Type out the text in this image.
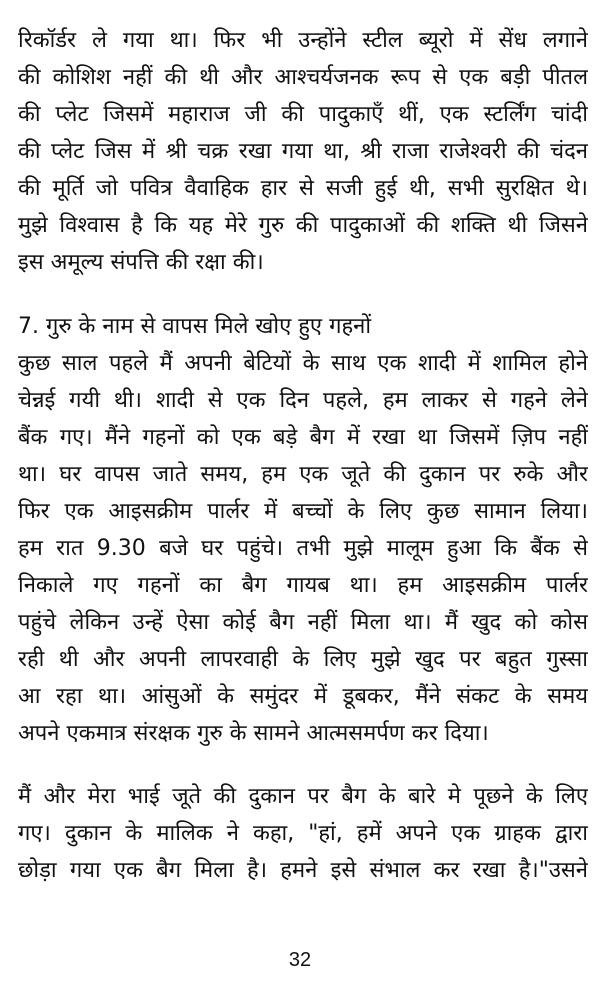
रिकॉर्डर ले गया था। फिर भी उन्होंने स्टील ब्यूरो में सेंध लगाने
की कोशिश नहीं की थी और आश्चर्यजनक रूप से एक बड़ी पीतल
की प्लेट जिसमें महाराज जी की पादुकाएँ थीं, एक स्टर्लिंग चांदी
की प्लेट जिस में श्री चक्र रखा गया था, श्री राजा राजेश्वरी की चंदन
की मूर्ति जो पवित्र वैवाहिक हार से सजी हुई थी, सभी सुरक्षित थे।
मुझे विश्वास है कि यह मेरे गुरु की पादुकाओं की शक्ति थी जिसने
इस अमूल्य संपत्ति की रक्षा की।
7. गुरु के नाम से वापस मिले खोए हुए गहनों
कुछ साल पहले मैं अपनी बेटियों के साथ एक शादी में शामिल होने
चेन्नई गयी थी। शादी से एक दिन पहले, हम लाकर से गहने लेने
बैंक गए। मैंने गहनों को एक बड़े बैग में रखा था जिसमें ज़िप नहीं
था। घर वापस जाते समय, हम एक जूते की दुकान पर रुके और
फिर एक आइसक्रीम पार्लर में बच्चों के लिए कुछ सामान लिया।
हम रात 9.30 बजे घर पहुंचे। तभी मुझे मालूम हुआ कि बैंक से
निकाले गए गहनों का बैग गायब था। हम आइसक्रीम पार्लर
पहुंचे लेकिन उन्हें ऐसा कोई बैग नहीं मिला था। मैं खुद को कोस
रही थी और अपनी लापरवाही के लिए मुझे खुद पर बहुत गुस्सा
आ रहा था। आंसुओं के समुंदर में डूबकर, मैंने संकट के समय
अपने एकमात्र संरक्षक गुरु के सामने आत्मसमर्पण कर दिया।
मैं और मेरा भाई जूते की दुकान पर बैग के बारे मे पूछने के लिए
गए। दुकान के मालिक ने कहा, "हां, हमें अपने एक ग्राहक द्वारा
छोड़ा गया एक बैग मिला है। हमने इसे संभाल कर रखा है।"उसने
32
